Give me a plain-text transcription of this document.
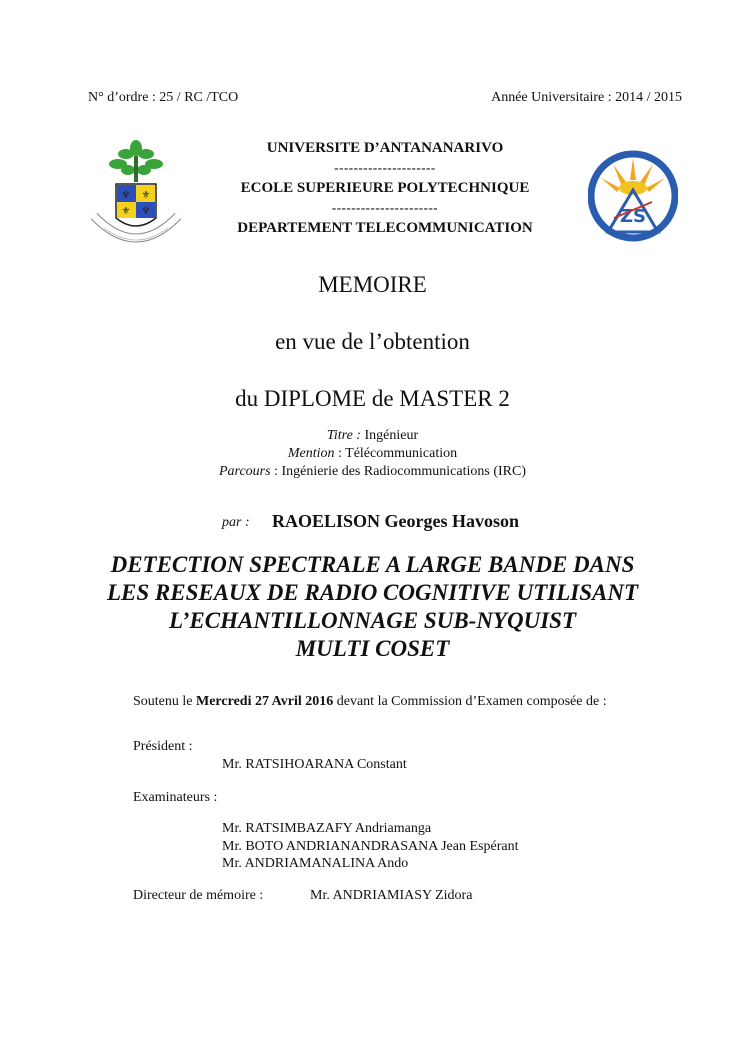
N° d’ordre : 25 / RC /TCO	Année Universitaire : 2014 / 2015
♆ ⚜
⚜ ♆
UNIVERSITE D’ANTANANARIVO
---------------------
ECOLE SUPERIEURE POLYTECHNIQUE
----------------------
DEPARTEMENT TELECOMMUNICATION
ZS
MEMOIRE
en vue de l’obtention
du DIPLOME de MASTER 2
Titre : Ingénieur
Mention : Télécommunication
Parcours : Ingénierie des Radiocommunications (IRC)
par : RAOELISON Georges Havoson
DETECTION SPECTRALE A LARGE BANDE DANS
LES RESEAUX DE RADIO COGNITIVE UTILISANT
L’ECHANTILLONNAGE SUB-NYQUIST
MULTI COSET
Soutenu le Mercredi 27 Avril 2016 devant la Commission d’Examen composée de :
Président :
Mr. RATSIHOARANA Constant
Examinateurs :
Mr. RATSIMBAZAFY Andriamanga
Mr. BOTO ANDRIANANDRASANA Jean Espérant
Mr. ANDRIAMANALINA Ando
Directeur de mémoire :	Mr. ANDRIAMIASY Zidora
